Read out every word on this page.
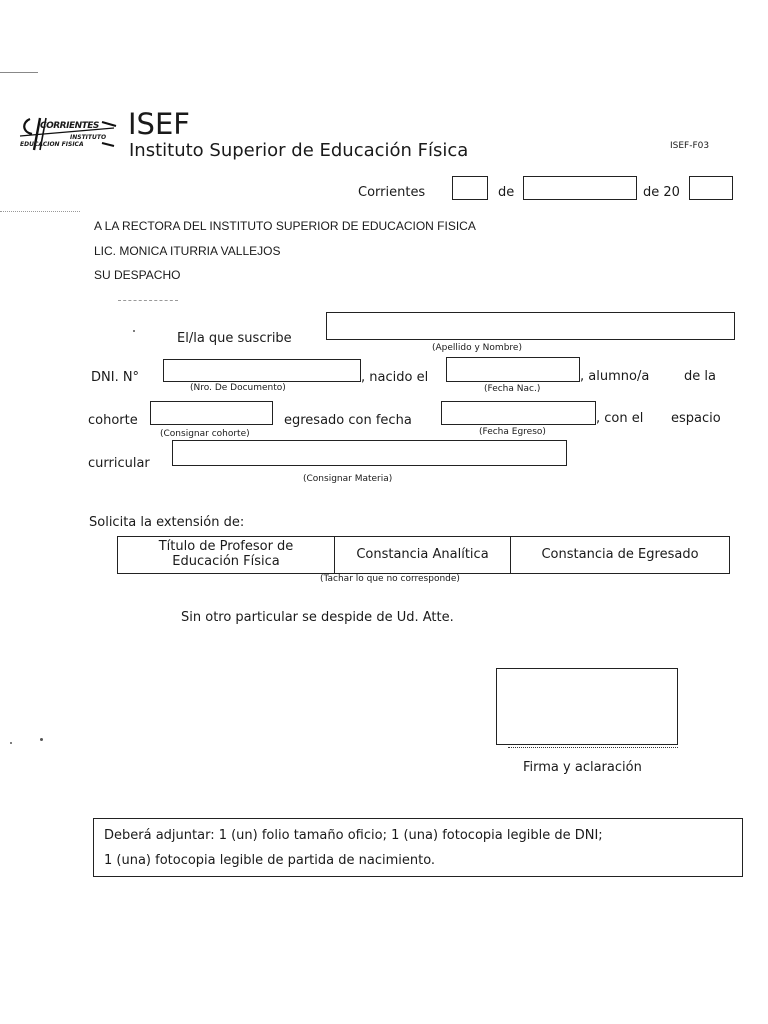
CORRIENTES
INSTITUTO
EDUCACION FISICA
ISEF
Instituto Superior de Educación Física	ISEF-F03
Corrientes	de	de 20
A LA RECTORA DEL INSTITUTO SUPERIOR DE EDUCACION FISICA
LIC. MONICA ITURRIA VALLEJOS
SU DESPACHO
El/la que suscribe
(Apellido y Nombre)
DNI. N°
(Nro. De Documento)
, nacido el
(Fecha Nac.)
, alumno/a	de la
cohorte
(Consignar cohorte)
egresado con fecha
(Fecha Egreso)
, con el espacio
curricular
(Consignar Materia)
Solicita la extensión de:
Título de Profesor de Educación Física	Constancia Analítica	Constancia de Egresado
(Tachar lo que no corresponde)
Sin otro particular se despide de Ud. Atte.
Firma y aclaración
Deberá adjuntar: 1 (un) folio tamaño oficio; 1 (una) fotocopia legible de DNI;
1 (una) fotocopia legible de partida de nacimiento.
